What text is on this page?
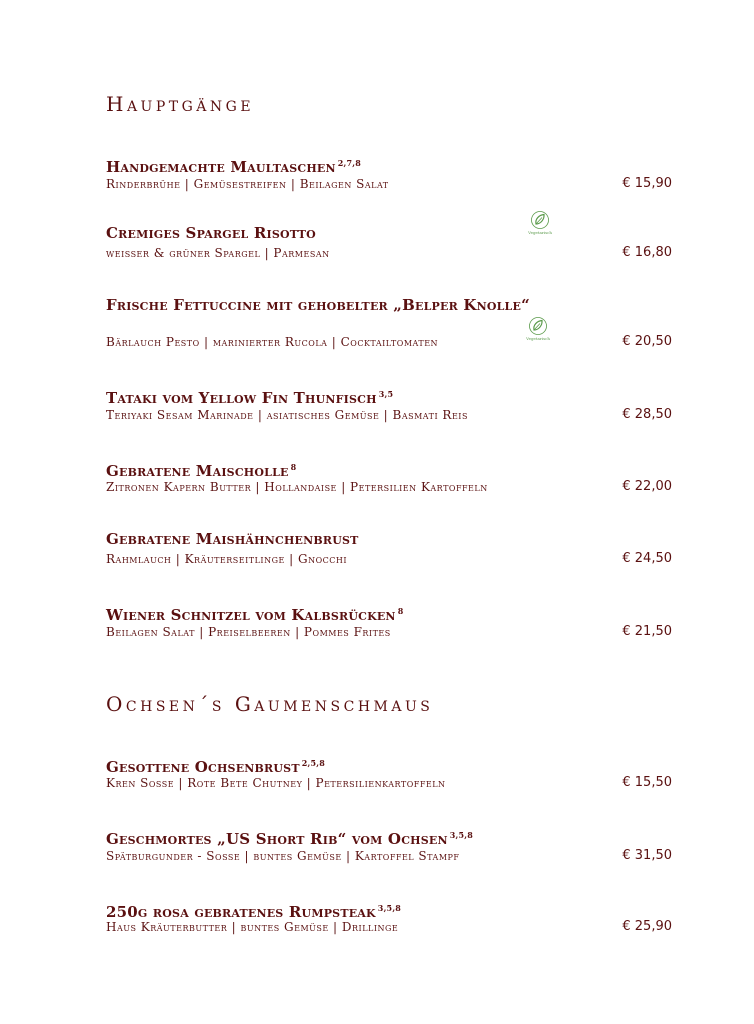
Hauptgänge
Handgemachte Maultaschen $^{2,7,8}$
Rinderbrühe | Gemüsestreifen | Beilagen Salat	€ 15,90
Cremiges Spargel Risotto	Vegetarisch
weisser & grüner Spargel | Parmesan	€ 16,80
Frische Fettuccine mit gehobelter „Belper Knolle“
Vegetarisch
Bärlauch Pesto | marinierter Rucola | Cocktailtomaten	€ 20,50
Tataki vom Yellow Fin Thunfisch $^{3,5}$
Teriyaki Sesam Marinade | asiatisches Gemüse | Basmati Reis	€ 28,50
Gebratene Maischolle $^8$
Zitronen Kapern Butter | Hollandaise | Petersilien Kartoffeln	€ 22,00
Gebratene Maishähnchenbrust
Rahmlauch | Kräuterseitlinge | Gnocchi	€ 24,50
Wiener Schnitzel vom Kalbsrücken $^8$
Beilagen Salat | Preiselbeeren | Pommes Frites	€ 21,50
Ochsen´s Gaumenschmaus
Gesottene Ochsenbrust $^{2,5,8}$
Kren Sosse | Rote Bete Chutney | Petersilienkartoffeln	€ 15,50
Geschmortes „US Short Rib“ vom Ochsen $^{3,5,8}$
Spätburgunder - Sosse | buntes Gemüse | Kartoffel Stampf	€ 31,50
250g rosa gebratenes Rumpsteak $^{3,5,8}$
Haus Kräuterbutter | buntes Gemüse | Drillinge	€ 25,90
